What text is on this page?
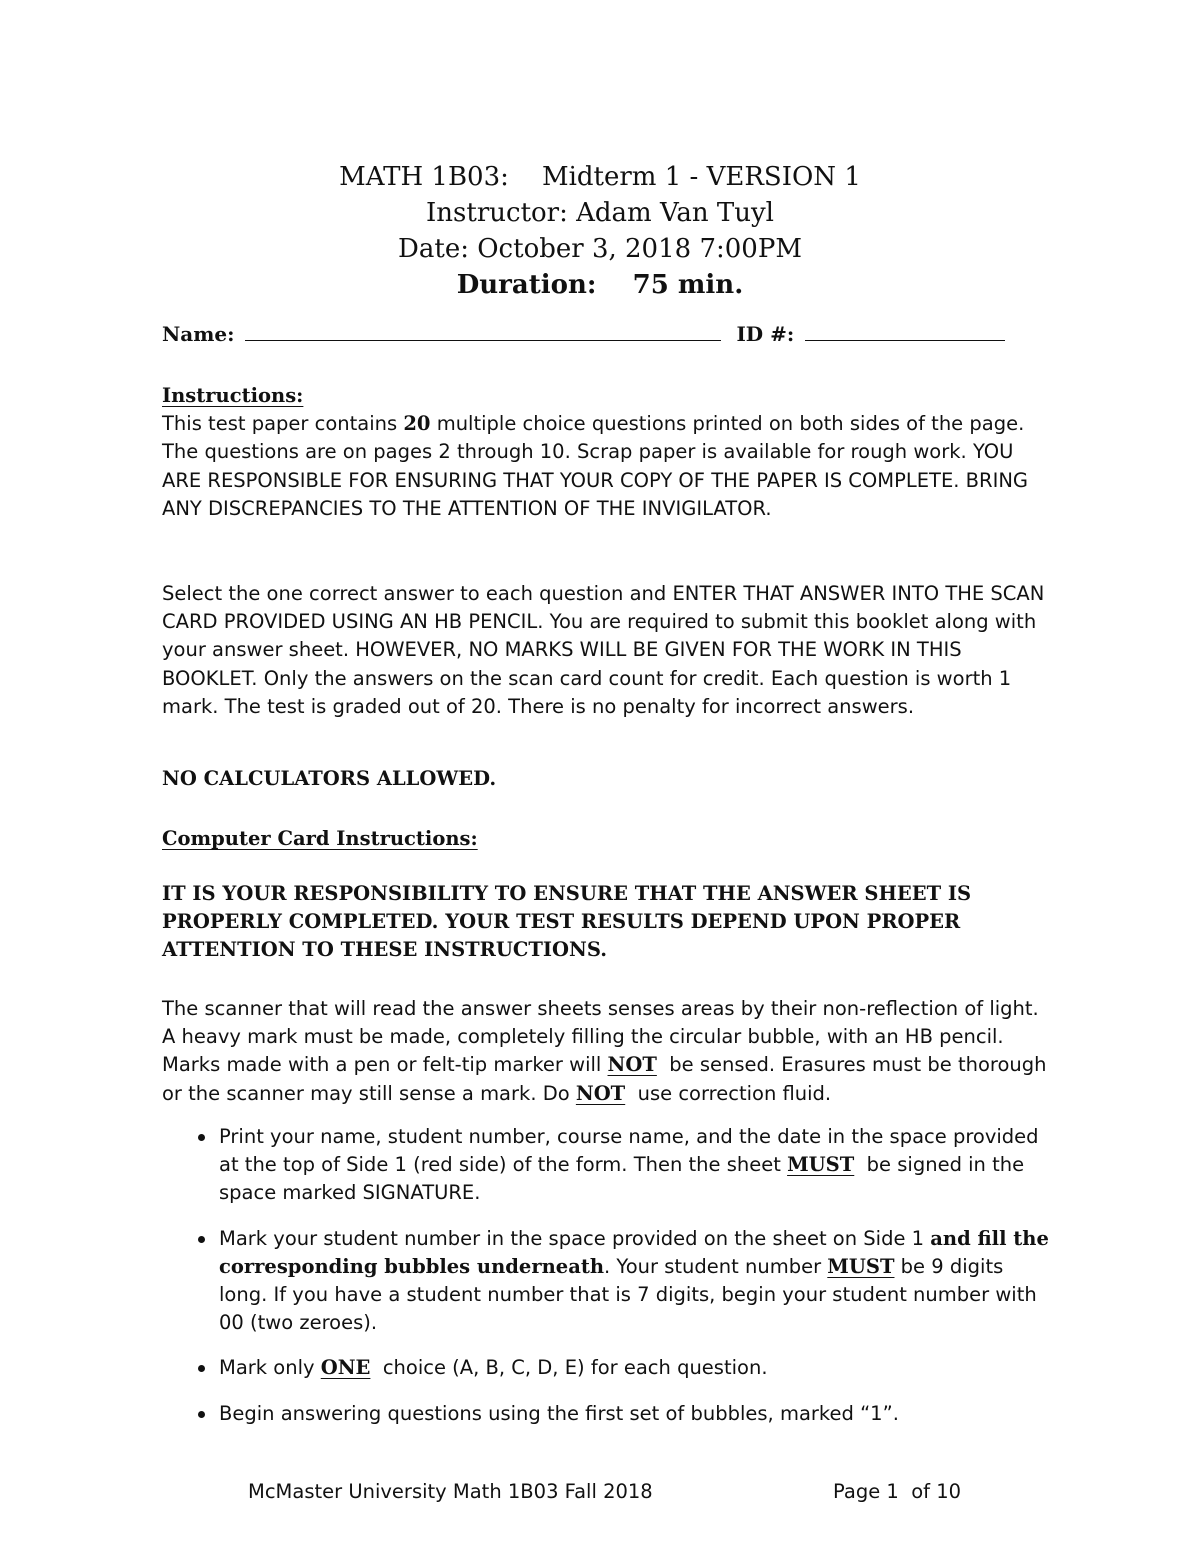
MATH 1B03:    Midterm 1 - VERSION 1
Instructor: Adam Van Tuyl
Date: October 3, 2018 7:00PM
Duration:    75 min.
Name:	ID #:
Instructions:
This test paper contains 20 multiple choice questions printed on both sides of the page. The questions are on pages 2 through 10. Scrap paper is available for rough work. YOU ARE RESPONSIBLE FOR ENSURING THAT YOUR COPY OF THE PAPER IS COMPLETE. BRING ANY DISCREPANCIES TO THE ATTENTION OF THE INVIGILATOR.
Select the one correct answer to each question and ENTER THAT ANSWER INTO THE SCAN CARD PROVIDED USING AN HB PENCIL. You are required to submit this booklet along with your answer sheet. HOWEVER, NO MARKS WILL BE GIVEN FOR THE WORK IN THIS BOOKLET. Only the answers on the scan card count for credit. Each question is worth 1 mark. The test is graded out of 20. There is no penalty for incorrect answers.
NO CALCULATORS ALLOWED.
Computer Card Instructions:
IT IS YOUR RESPONSIBILITY TO ENSURE THAT THE ANSWER SHEET IS PROPERLY COMPLETED. YOUR TEST RESULTS DEPEND UPON PROPER ATTENTION TO THESE INSTRUCTIONS.
The scanner that will read the answer sheets senses areas by their non-reflection of light. A heavy mark must be made, completely filling the circular bubble, with an HB pencil. Marks made with a pen or felt-tip marker will NOT  be sensed. Erasures must be thorough or the scanner may still sense a mark. Do NOT  use correction fluid.
Print your name, student number, course name, and the date in the space provided at the top of Side 1 (red side) of the form. Then the sheet MUST  be signed in the space marked SIGNATURE.
Mark your student number in the space provided on the sheet on Side 1 and fill the corresponding bubbles underneath. Your student number MUST be 9 digits long. If you have a student number that is 7 digits, begin your student number with 00 (two zeroes).
Mark only ONE  choice (A, B, C, D, E) for each question.
Begin answering questions using the first set of bubbles, marked “1”.
McMaster University Math 1B03 Fall 2018	Page 1  of 10
